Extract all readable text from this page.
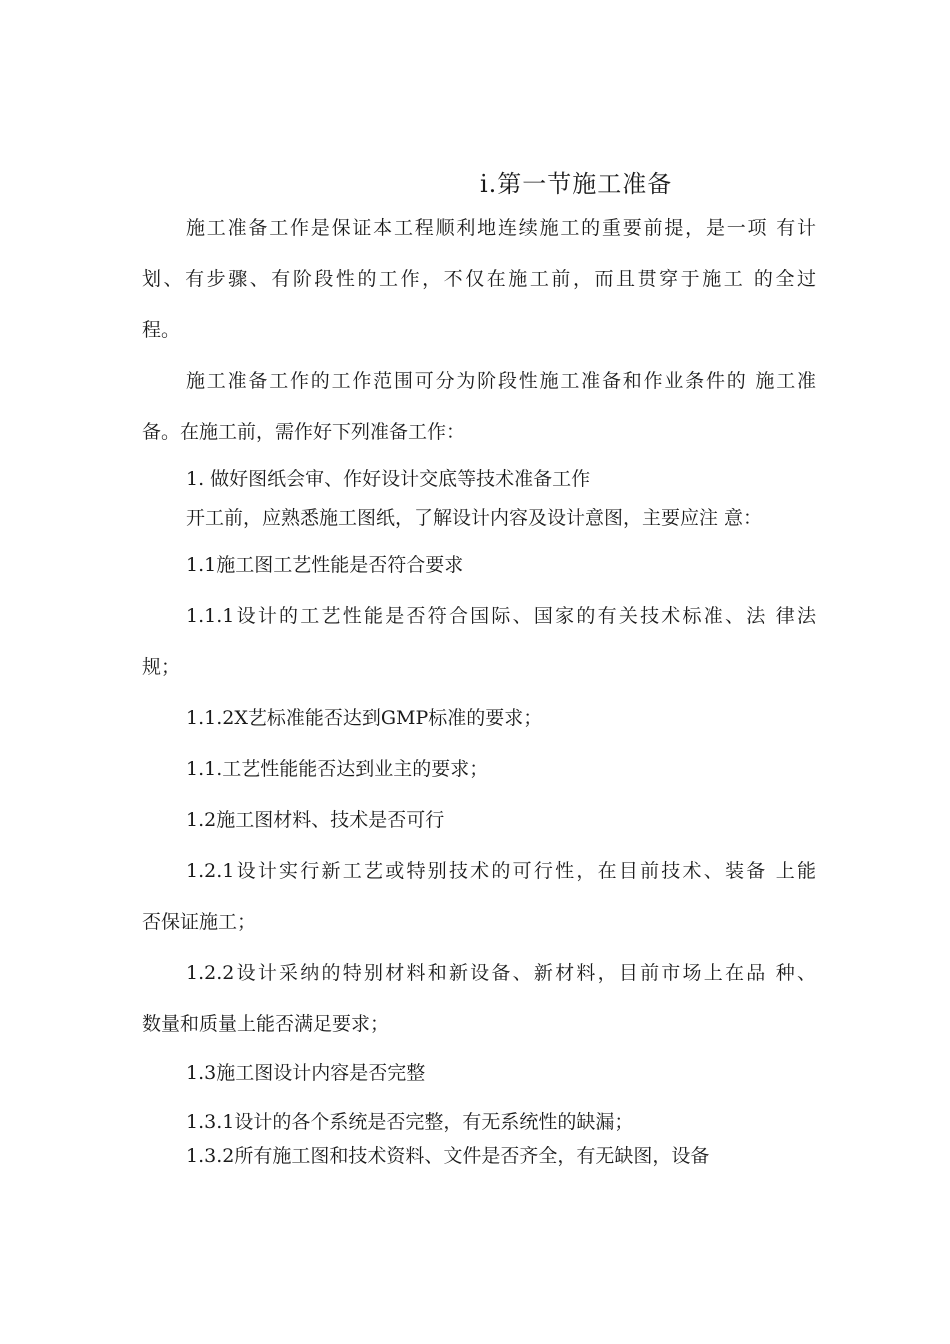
i.第一节施工准备
施工准备工作是保证本工程顺利地连续施工的重要前提，是一项 有计
划、有步骤、有阶段性的工作，不仅在施工前，而且贯穿于施工 的全过
程。
施工准备工作的工作范围可分为阶段性施工准备和作业条件的 施工准
备。在施工前，需作好下列准备工作：
1. 做好图纸会审、作好设计交底等技术准备工作
开工前，应熟悉施工图纸，了解设计内容及设计意图，主要应注 意：
1.1施工图工艺性能是否符合要求
1.1.1设计的工艺性能是否符合国际、国家的有关技术标准、法 律法
规；
1.1.2X艺标准能否达到GMP标准的要求；
1.1.工艺性能能否达到业主的要求；
1.2施工图材料、技术是否可行
1.2.1设计实行新工艺或特别技术的可行性，在目前技术、装备 上能
否保证施工；
1.2.2设计采纳的特别材料和新设备、新材料，目前市场上在品 种、
数量和质量上能否满足要求；
1.3施工图设计内容是否完整
1.3.1设计的各个系统是否完整，有无系统性的缺漏；
1.3.2所有施工图和技术资料、文件是否齐全，有无缺图，设备
